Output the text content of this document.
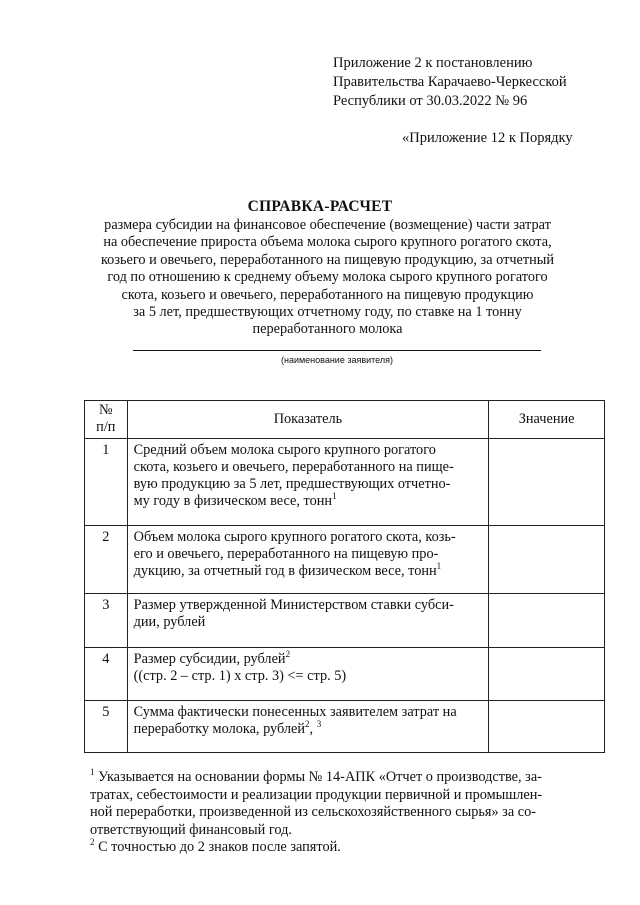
Приложение 2 к постановлению
Правительства Карачаево-Черкесской
Республики от 30.03.2022 № 96
«Приложение 12 к Порядку
СПРАВКА-РАСЧЕТ
размера субсидии на финансовое обеспечение (возмещение) части затрат
на обеспечение прироста объема молока сырого крупного рогатого скота,
козьего и овечьего, переработанного на пищевую продукцию, за отчетный
год по отношению к среднему объему молока сырого крупного рогатого
скота, козьего и овечьего, переработанного на пищевую продукцию
за 5 лет, предшествующих отчетному году, по ставке на 1 тонну
переработанного молока
(наименование заявителя)
№
п/п	Показатель	Значение
1	Средний объем молока сырого крупного рогатого
скота, козьего и овечьего, переработанного на пище-
вую продукцию за 5 лет, предшествующих отчетно-
му году в физическом весе, тонн$^1$

2	Объем молока сырого крупного рогатого скота, козь-
его и овечьего, переработанного на пищевую про-
дукцию, за отчетный год в физическом весе, тонн$^1$

3	Размер утвержденной Министерством ставки субси-
дии, рублей	

4	Размер субсидии, рублей$^2$
((стр. 2 – стр. 1) х стр. 3) <= стр. 5)	

5	Сумма фактически понесенных заявителем затрат на
переработку молока, рублей$^2$, $^3$

$^1$ Указывается на основании формы № 14-АПК «Отчет о производстве, за-
тратах, себестоимости и реализации продукции первичной и промышлен-
ной переработки, произведенной из сельскохозяйственного сырья» за со-
ответствующий финансовый год.
$^2$ С точностью до 2 знаков после запятой.
